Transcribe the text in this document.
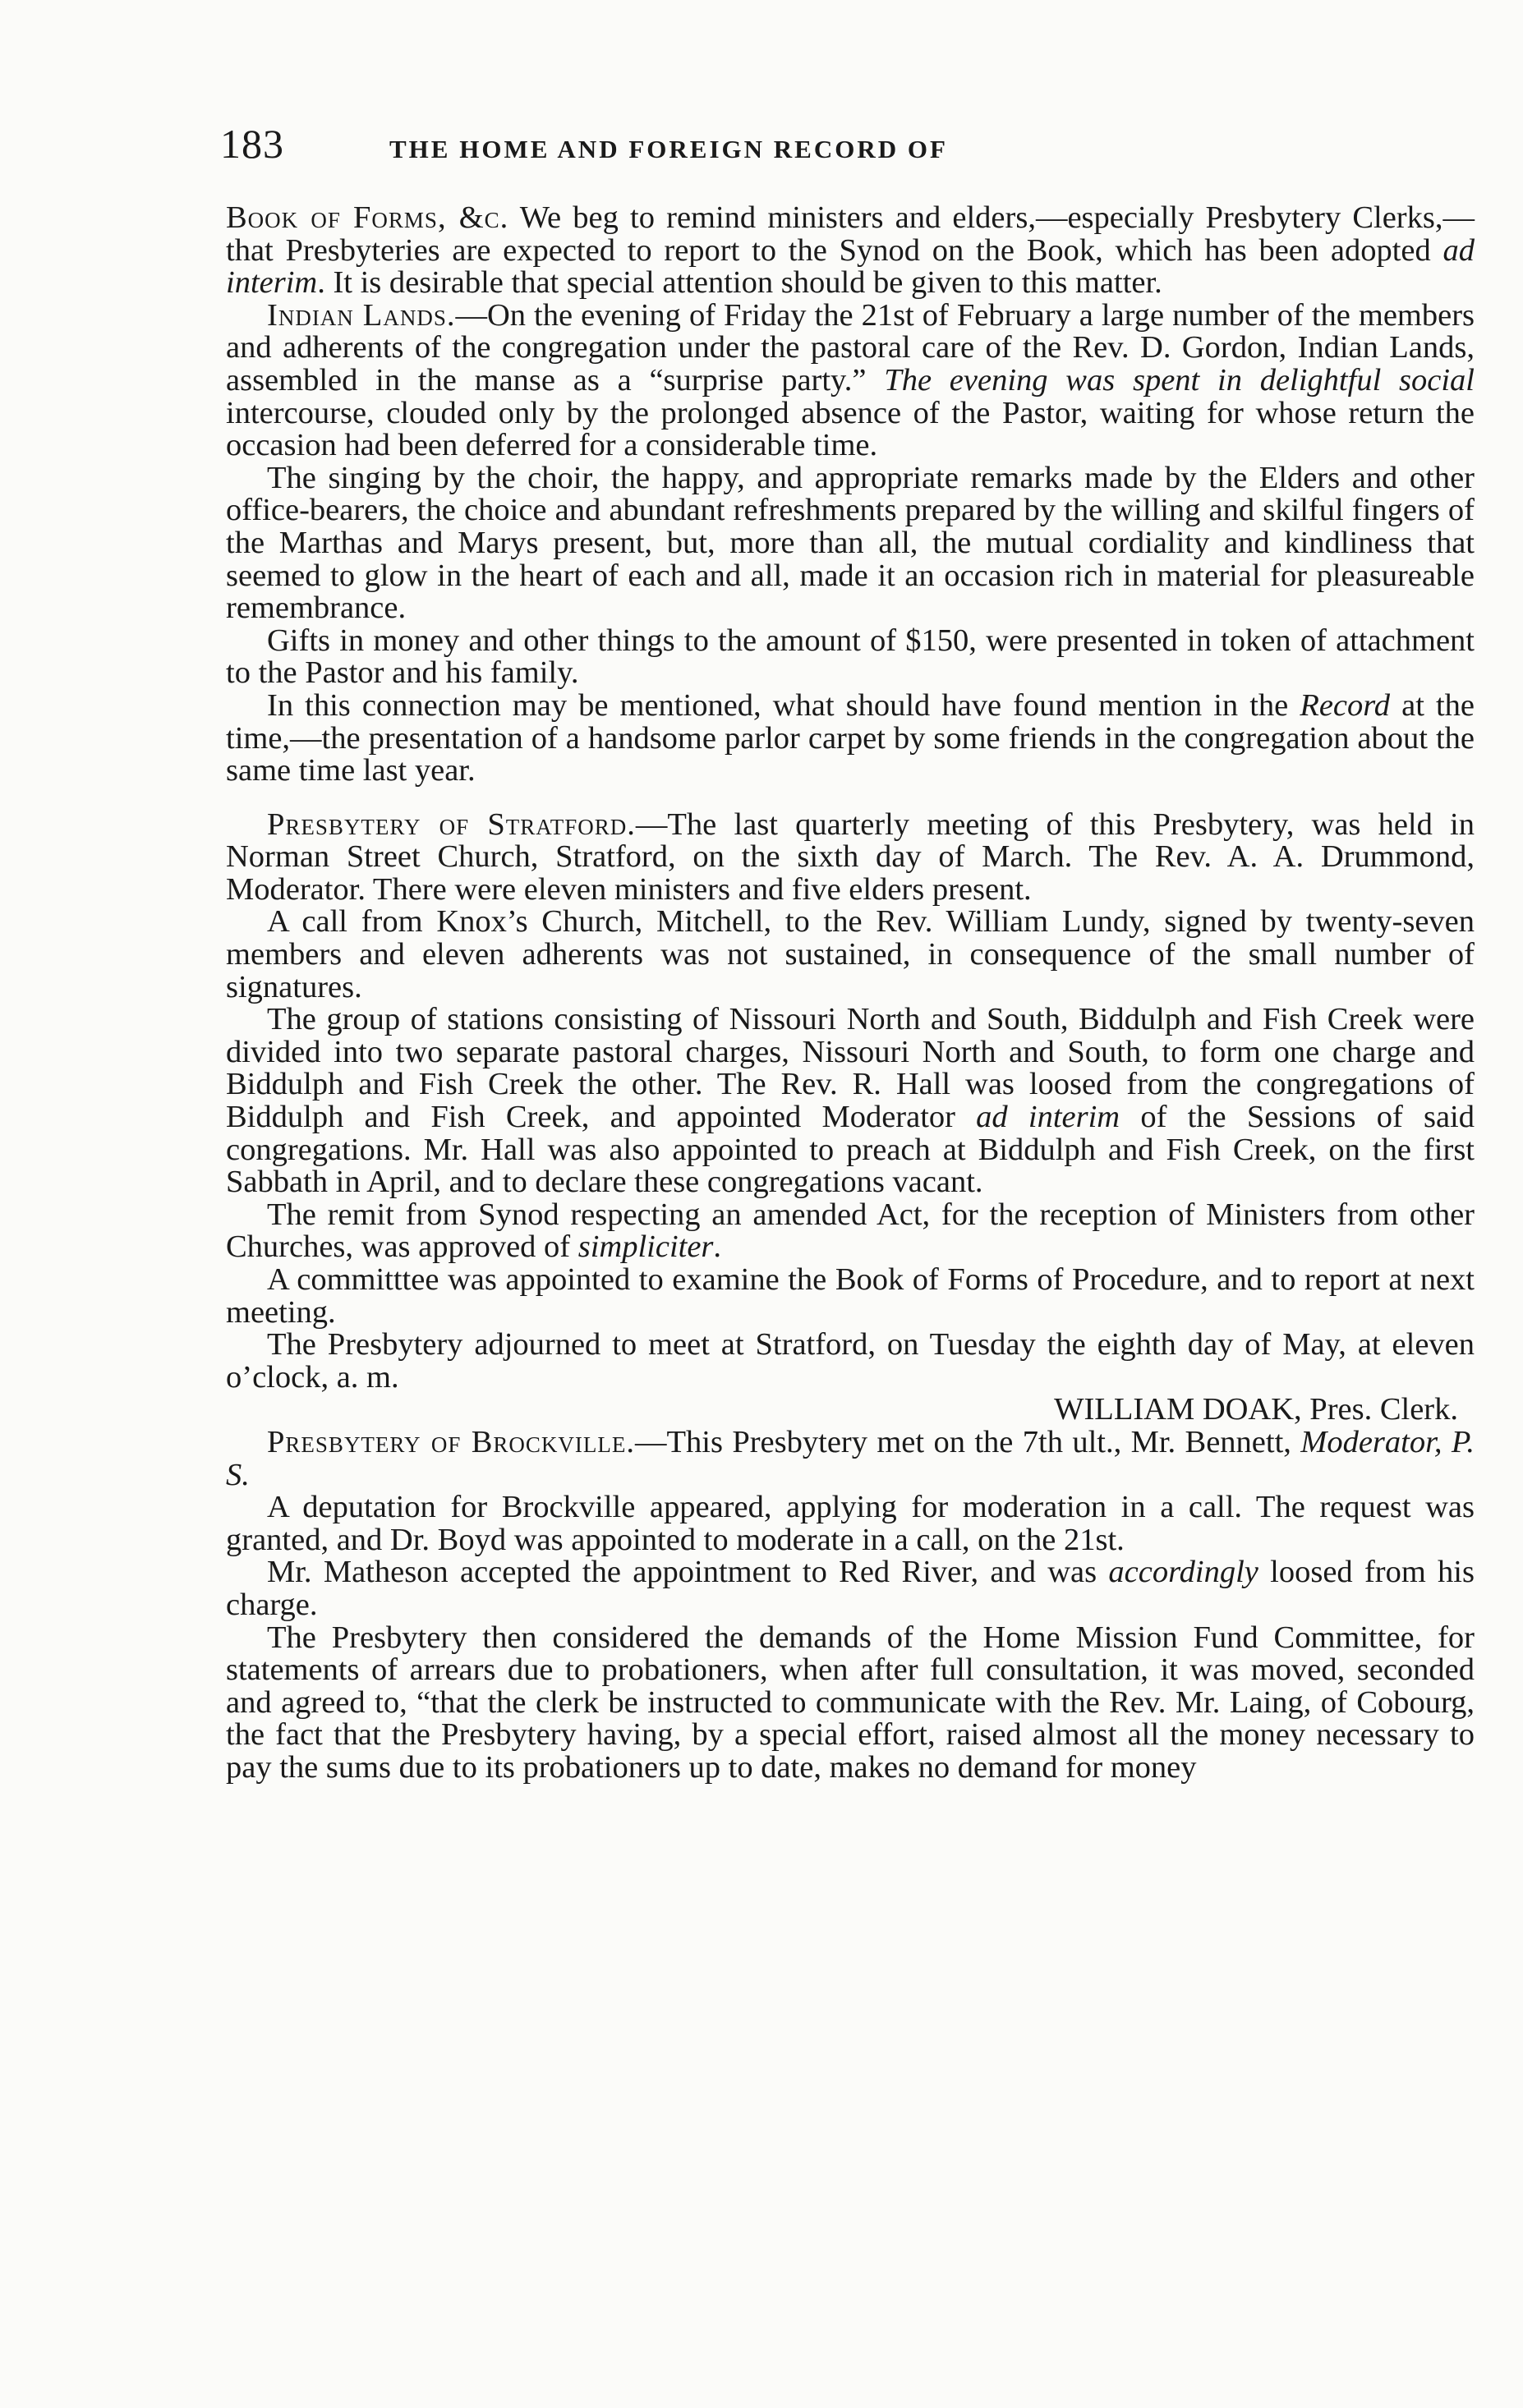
183	THE HOME AND FOREIGN RECORD OF

Book of Forms, &c. We beg to remind ministers and elders,—especially Presbytery Clerks,—that Presbyteries are expected to report to the Synod on the Book, which has been adopted ad interim. It is desirable that special attention should be given to this matter.

Indian Lands.—On the evening of Friday the 21st of February a large number of the members and adherents of the congregation under the pastoral care of the Rev. D. Gordon, Indian Lands, assembled in the manse as a “surprise party.” The evening was spent in delightful social intercourse, clouded only by the prolonged absence of the Pastor, waiting for whose return the occasion had been deferred for a considerable time.

The singing by the choir, the happy, and appropriate remarks made by the Elders and other office-bearers, the choice and abundant refreshments prepared by the willing and skilful fingers of the Marthas and Marys present, but, more than all, the mutual cordiality and kindliness that seemed to glow in the heart of each and all, made it an occasion rich in material for pleasureable remembrance.

Gifts in money and other things to the amount of $150, were presented in token of attachment to the Pastor and his family.

In this connection may be mentioned, what should have found mention in the Record at the time,—the presentation of a handsome parlor carpet by some friends in the congregation about the same time last year.

Presbytery of Stratford.—The last quarterly meeting of this Presbytery, was held in Norman Street Church, Stratford, on the sixth day of March. The Rev. A. A. Drummond, Moderator. There were eleven ministers and five elders present.

A call from Knox’s Church, Mitchell, to the Rev. William Lundy, signed by twenty-seven members and eleven adherents was not sustained, in consequence of the small number of signatures.

The group of stations consisting of Nissouri North and South, Biddulph and Fish Creek were divided into two separate pastoral charges, Nissouri North and South, to form one charge and Biddulph and Fish Creek the other. The Rev. R. Hall was loosed from the congregations of Biddulph and Fish Creek, and appointed Moderator ad interim of the Sessions of said congregations. Mr. Hall was also appointed to preach at Biddulph and Fish Creek, on the first Sabbath in April, and to declare these congregations vacant.

The remit from Synod respecting an amended Act, for the reception of Ministers from other Churches, was approved of simpliciter.

A committtee was appointed to examine the Book of Forms of Procedure, and to report at next meeting.

The Presbytery adjourned to meet at Stratford, on Tuesday the eighth day of May, at eleven o’clock, a. m.

WILLIAM DOAK, Pres. Clerk.

Presbytery of Brockville.—This Presbytery met on the 7th ult., Mr. Bennett, Moderator, P. S.

A deputation for Brockville appeared, applying for moderation in a call. The request was granted, and Dr. Boyd was appointed to moderate in a call, on the 21st.

Mr. Matheson accepted the appointment to Red River, and was accordingly loosed from his charge.

The Presbytery then considered the demands of the Home Mission Fund Committee, for statements of arrears due to probationers, when after full consultation, it was moved, seconded and agreed to, “that the clerk be instructed to communicate with the Rev. Mr. Laing, of Cobourg, the fact that the Presbytery having, by a special effort, raised almost all the money necessary to pay the sums due to its probationers up to date, makes no demand for money
